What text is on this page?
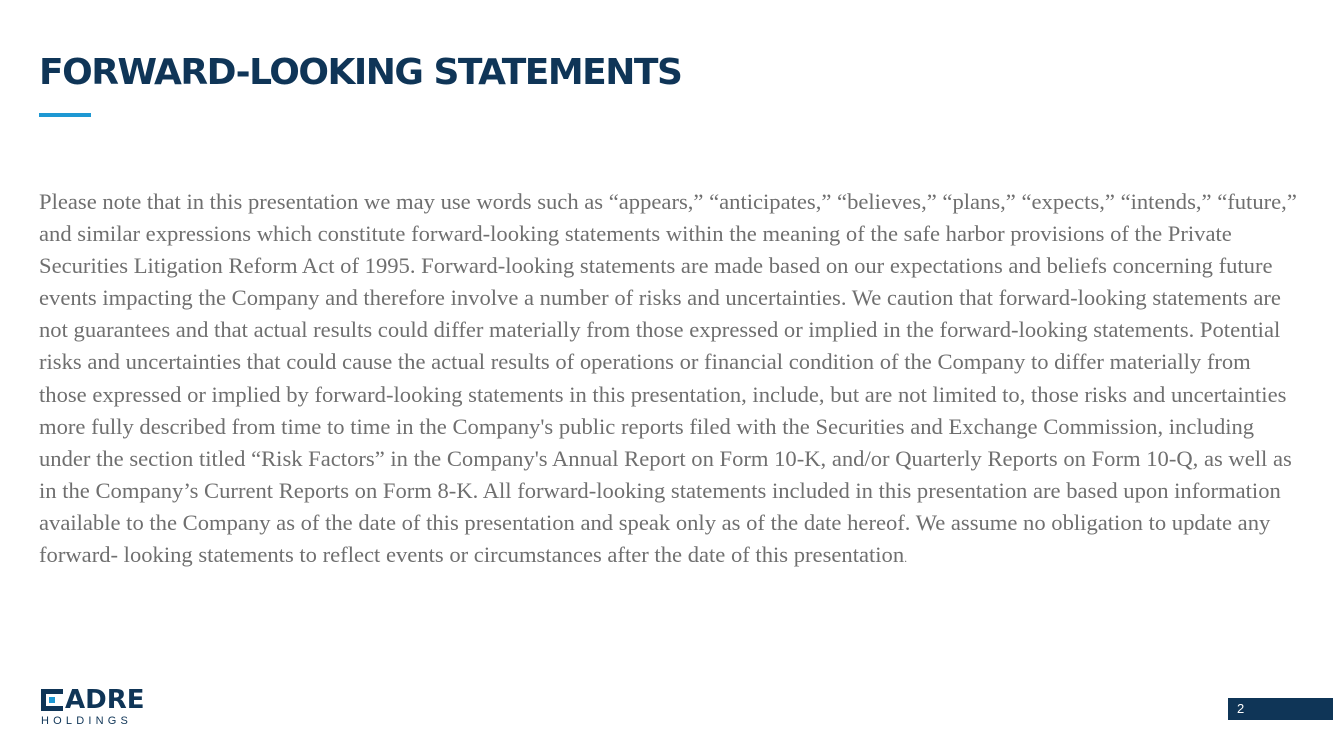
FORWARD-LOOKING STATEMENTS

Please note that in this presentation we may use words such as “appears,” “anticipates,” “believes,” “plans,” “expects,” “intends,” “future,” and similar expressions which constitute forward-looking statements within the meaning of the safe harbor provisions of the Private Securities Litigation Reform Act of 1995. Forward-looking statements are made based on our expectations and beliefs concerning future events impacting the Company and therefore involve a number of risks and uncertainties. We caution that forward-looking statements are not guarantees and that actual results could differ materially from those expressed or implied in the forward-looking statements. Potential risks and uncertainties that could cause the actual results of operations or financial condition of the Company to differ materially from those expressed or implied by forward-looking statements in this presentation, include, but are not limited to, those risks and uncertainties more fully described from time to time in the Company's public reports filed with the Securities and Exchange Commission, including under the section titled “Risk Factors” in the Company's Annual Report on Form 10-K, and/or Quarterly Reports on Form 10-Q, as well as in the Company’s Current Reports on Form 8-K. All forward-looking statements included in this presentation are based upon information available to the Company as of the date of this presentation and speak only as of the date hereof. We assume no obligation to update any forward- looking statements to reflect events or circumstances after the date of this presentation.

ADRE
HOLDINGS
2
